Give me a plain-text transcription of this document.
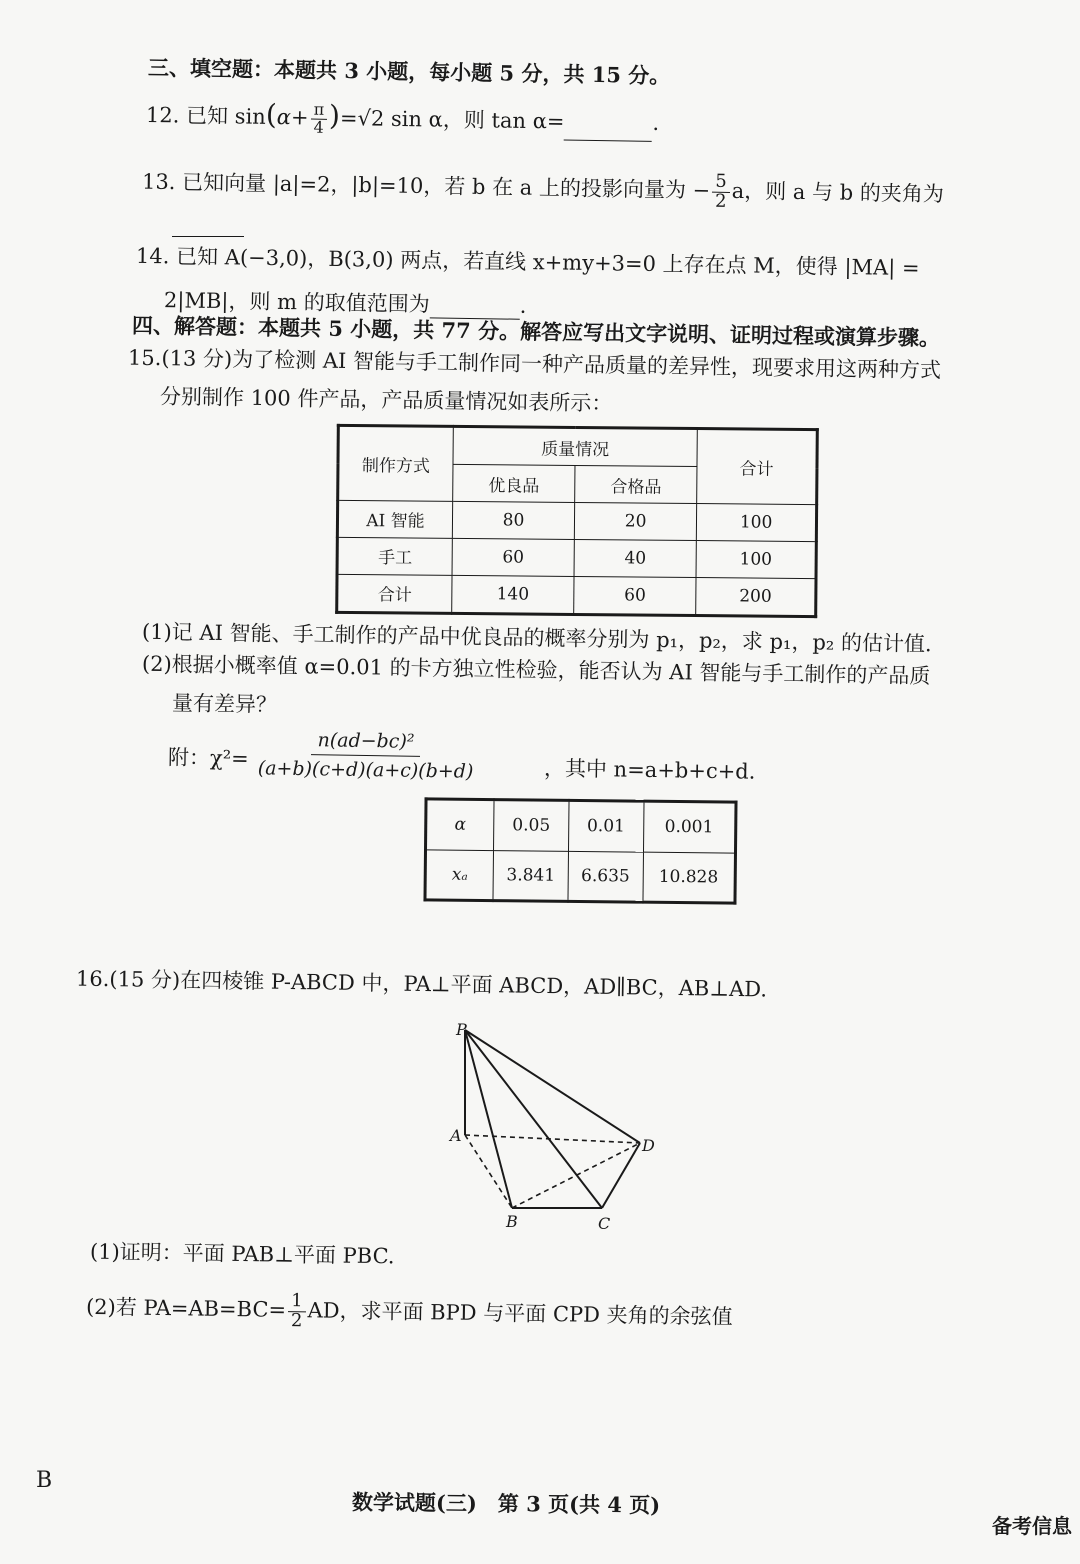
三、填空题：本题共 3 小题，每小题 5 分，共 15 分。
12. 已知 $\sin(\alpha+ \frac{\pi}{4} )=√2$ sin α，则 tan α=	.
13. 已知向量 |a|=2，|b|=10，若 b 在 a 上的投影向量为 − $\frac{5}{2}$ a，则 a 与 b 的夹角为
14. 已知 A(−3,0)，B(3,0) 两点，若直线 x+my+3=0 上存在点 M，使得 |MA| =
2|MB|，则 m 的取值范围为	.
四、解答题：本题共 5 小题，共 77 分。解答应写出文字说明、证明过程或演算步骤。
15.(13 分)为了检测 AI 智能与手工制作同一种产品质量的差异性，现要求用这两种方式
分别制作 100 件产品，产品质量情况如表所示：
制作方式	质量情况		合计
	优良品	合格品	
AI 智能	80	20	100
手工	60	40	100
合计	140	60	200
(1)记 AI 智能、手工制作的产品中优良品的概率分别为 p₁，p₂，求 p₁，p₂ 的估计值.
(2)根据小概率值 α=0.01 的卡方独立性检验，能否认为 AI 智能与手工制作的产品质
量有差异？
附：$\chi^2= \frac{\text{n(ad−bc)²}}{(a+b)(c+d)(a+c)(b+d)}$	，其中 n=a+b+c+d.
α	0.05	0.01	0.001
xₐ	3.841	6.635	10.828
16.(15 分)在四棱锥 P-ABCD 中，PA⊥平面 ABCD，AD∥BC，AB⊥AD.
P
A
B	C
D
(1)证明：平面 PAB⊥平面 PBC.
(2)若 $PA=AB=BC= \frac{1}{2}$ AD，求平面 BPD 与平面 CPD 夹角的余弦值
B
数学试题(三)　第 3 页(共 4 页)
备考信息
